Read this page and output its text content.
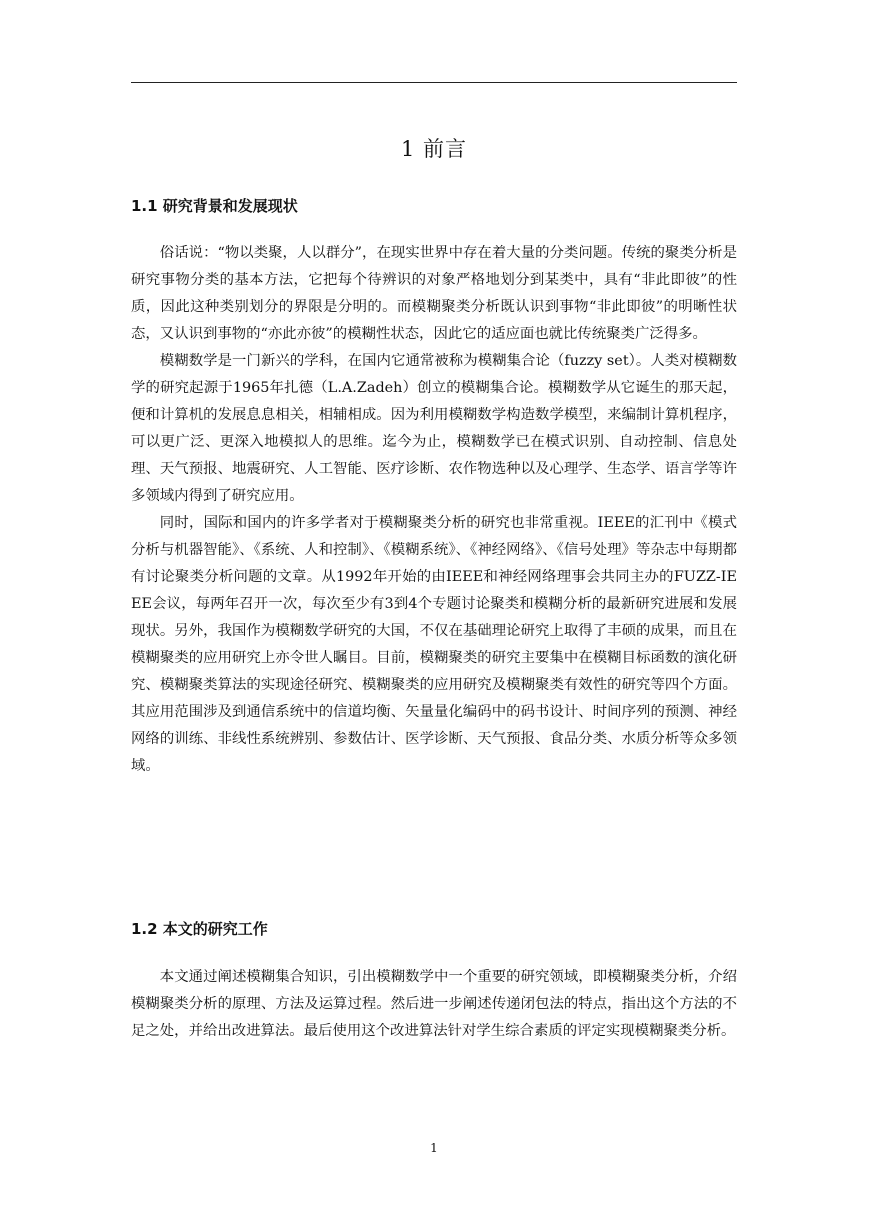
1 前言
1.1 研究背景和发展现状

俗话说：“物以类聚，人以群分”，在现实世界中存在着大量的分类问题。传统的聚类分析是研究事物分类的基本方法，它把每个待辨识的对象严格地划分到某类中，具有“非此即彼”的性质，因此这种类别划分的界限是分明的。而模糊聚类分析既认识到事物“非此即彼”的明晰性状态，又认识到事物的“亦此亦彼”的模糊性状态，因此它的适应面也就比传统聚类广泛得多。

模糊数学是一门新兴的学科，在国内它通常被称为模糊集合论（fuzzy set）。人类对模糊数学的研究起源于1965年扎德（L.A.Zadeh）创立的模糊集合论。模糊数学从它诞生的那天起，便和计算机的发展息息相关，相辅相成。因为利用模糊数学构造数学模型，来编制计算机程序，可以更广泛、更深入地模拟人的思维。迄今为止，模糊数学已在模式识别、自动控制、信息处理、天气预报、地震研究、人工智能、医疗诊断、农作物选种以及心理学、生态学、语言学等许多领域内得到了研究应用。

同时，国际和国内的许多学者对于模糊聚类分析的研究也非常重视。IEEE的汇刊中《模式分析与机器智能》、《系统、人和控制》、《模糊系统》、《神经网络》、《信号处理》等杂志中每期都有讨论聚类分析问题的文章。从1992年开始的由IEEE和神经网络理事会共同主办的FUZZ-IEEE会议，每两年召开一次，每次至少有3到4个专题讨论聚类和模糊分析的最新研究进展和发展现状。另外，我国作为模糊数学研究的大国，不仅在基础理论研究上取得了丰硕的成果，而且在模糊聚类的应用研究上亦令世人瞩目。目前，模糊聚类的研究主要集中在模糊目标函数的演化研究、模糊聚类算法的实现途径研究、模糊聚类的应用研究及模糊聚类有效性的研究等四个方面。其应用范围涉及到通信系统中的信道均衡、矢量量化编码中的码书设计、时间序列的预测、神经网络的训练、非线性系统辨别、参数估计、医学诊断、天气预报、食品分类、水质分析等众多领域。

1.2 本文的研究工作

本文通过阐述模糊集合知识，引出模糊数学中一个重要的研究领域，即模糊聚类分析，介绍模糊聚类分析的原理、方法及运算过程。然后进一步阐述传递闭包法的特点，指出这个方法的不足之处，并给出改进算法。最后使用这个改进算法针对学生综合素质的评定实现模糊聚类分析。

1
